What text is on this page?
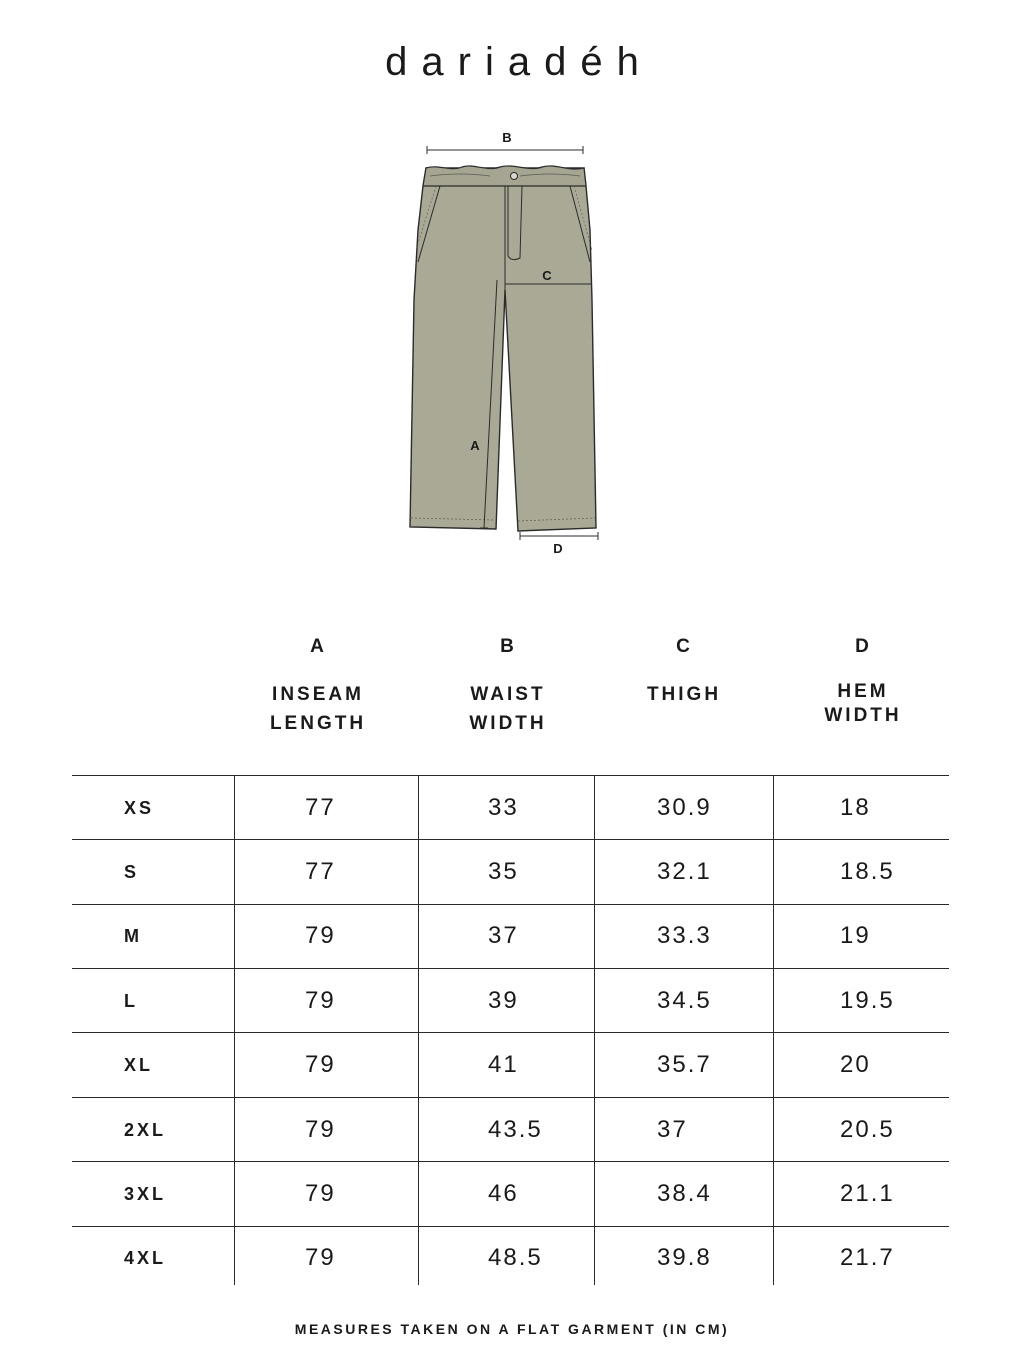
dariadéh
B
C
A
D
A
INSEAM
LENGTH
B
WAIST
WIDTH
C
THIGH
D
HEM
WIDTH
XS	77	33	30.9	18
S	77	35	32.1	18.5
M	79	37	33.3	19
L	79	39	34.5	19.5
XL	79	41	35.7	20
2XL	79	43.5	37	20.5
3XL	79	46	38.4	21.1
4XL	79	48.5	39.8	21.7
MEASURES TAKEN ON A FLAT GARMENT (IN CM)
